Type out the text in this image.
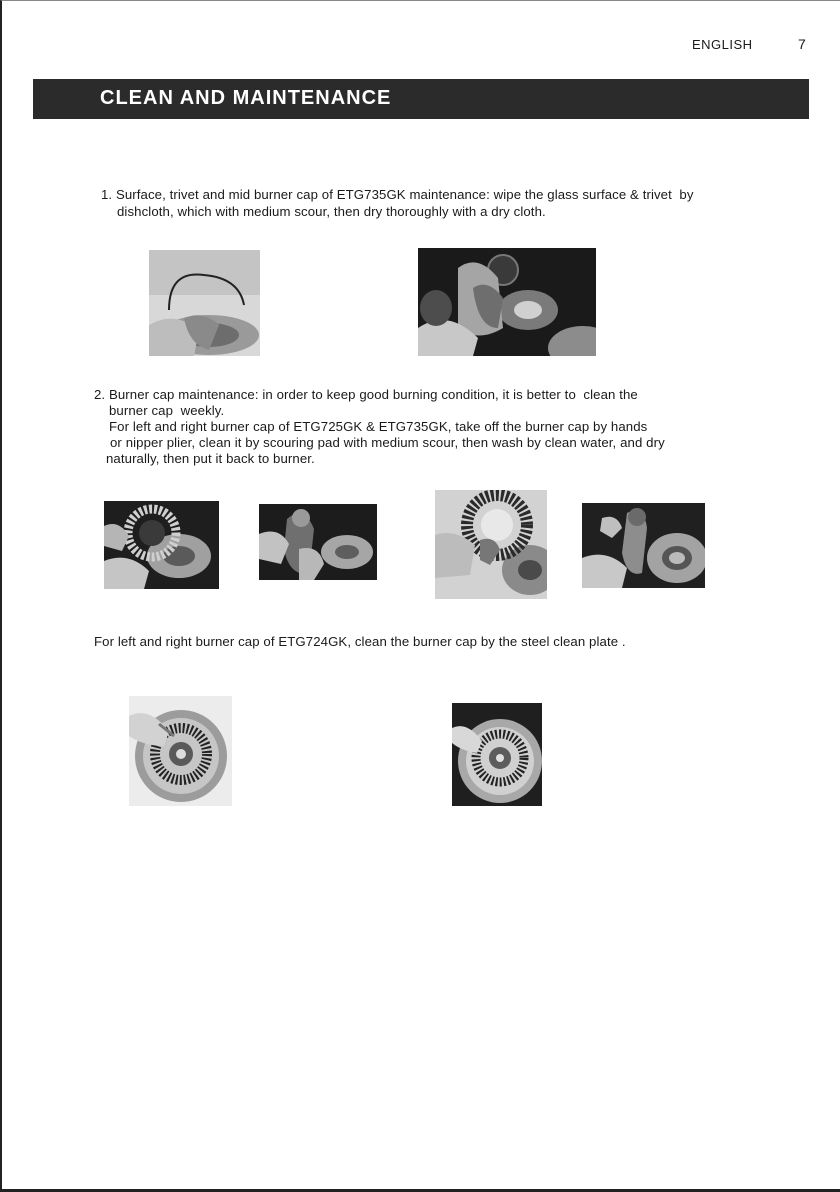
ENGLISH	7
CLEAN AND MAINTENANCE
1. Surface, trivet and mid burner cap of ETG735GK maintenance: wipe the glass surface & trivet  by
dishcloth, which with medium scour, then dry thoroughly with a dry cloth.
2. Burner cap maintenance: in order to keep good burning condition, it is better to  clean the
burner cap  weekly.
For left and right burner cap of ETG725GK & ETG735GK, take off the burner cap by hands
or nipper plier, clean it by scouring pad with medium scour, then wash by clean water, and dry
naturally, then put it back to burner.
For left and right burner cap of ETG724GK, clean the burner cap by the steel clean plate .
